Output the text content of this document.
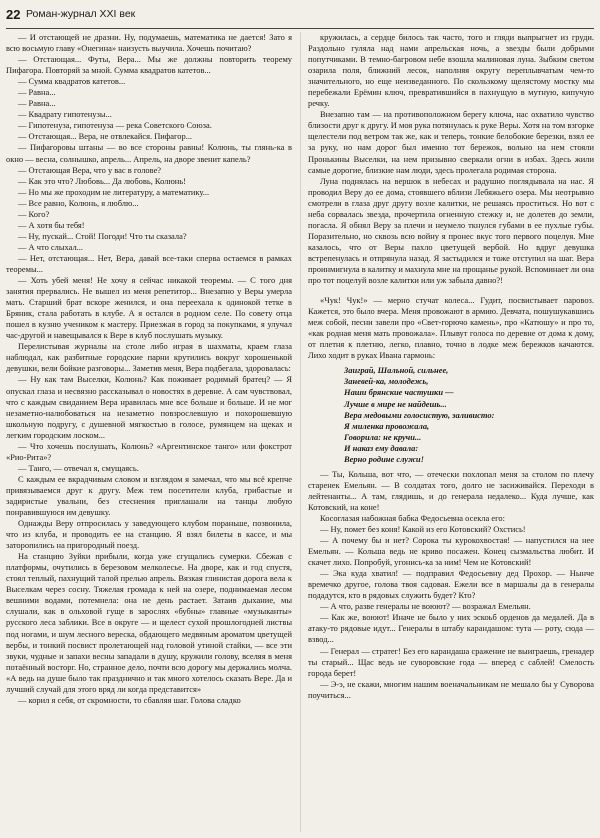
22 Роман-журнал XXI век

— И отстающей не дразни. Ну, подумаешь, математика не дается! Зато я всю восьмую главу «Онегина» наизусть выучила. Хочешь почитаю?

— Отстающая... Футы, Вера... Мы же должны повторить теорему Пифагора. Повторяй за мной. Сумма квадратов катетов...

— Сумма квадратов катетов...

— Равна...

— Равна...

— Квадрату гипотенузы...

— Гипотенуза, гипотенуза — река Советского Союза.

— Отстающая... Вера, не отвлекайся. Пифагор...

— Пифагоровы штаны — во все стороны равны! Колюнь, ты глянь-ка в окно — весна, солнышко, апрель... Апрель, на дворе звенит капель?

— Отстающая Вера, что у вас в голове?

— Как это что? Любовь... Да любовь, Колюнь!

— Но мы же проходим не литературу, а математику...

— Все равно, Колюнь, я люблю...

— Кого?

— А хотя бы тебя!

— Ну, пускай... Стой! Погоди! Что ты сказала?

— А что слыхал...

— Нет, отстающая... Нет, Вера, давай все-таки сперва остаемся в рамках теоремы...

— Хоть убей меня! Не хочу я сейчас никакой теоремы. — С того дня занятия прервались. Не вышел из меня репетитор... Внезапно у Веры умерла мать. Старший брат вскоре женился, и она переехала к одинокой тетке в Бряник, стала работать в клубе. А я остался в родном селе. По совету отца пошел в кузню учеником к мастеру. Приезжая в город за покупками, я улучал час-другой и навещывался к Вере в клуб послушать музыку.

Перелистывая журналы на столе либо играя в шахматы, краем глаза наблюдал, как разбитные городские парни крутились вокруг хорошенькой девушки, вели бойкие разговоры... Заметив меня, Вера подбегала, здоровалась:

— Ну как там Выселки, Колюнь? Как поживает родимый братец? — Я опускал глаза и несвязно рассказывал о новостях в деревне. А сам чувствовал, что с каждым свиданием Вера нравилась мне все больше и больше. И не мог незаметно-налюбоваться на незаметно повзрослевшую и похорошевшую школьную подругу, с душевной мягкостью в голосе, румянцем на щеках и легким городским лоском...

— Что хочешь послушать, Колюнь? «Аргентинское танго» или фокстрот «Рио-Рита»?

— Танго, — отвечал я, смущаясь.

С каждым ее вкрадчивым словом и взглядом я замечал, что мы всё крепче привязываемся друг к другу. Меж тем посетители клуба, грибастые и задиристые увальни, без стеснения приглашали на танцы любую понравившуюся им девушку.

Однажды Веру отпросилась у заведующего клубом пораньше, позвонила, что из клуба, и проводить ее на станцию. Я взял билеты в кассе, и мы заторопились на пригородный поезд.

На станцию Зуйки прибыли, когда уже сгущались сумерки. Сбежав с платформы, очутились в березовом мелколесье. На дворе, как и год спустя, стоял теплый, пахнущий талой прелью апрель. Вязкая глинистая дорога вела к Выселкам через сосну. Тяжелая громада к ней на озере, поднимаемая лесом вешними водами, потемнела: она не день растает. Затаив дыхание, мы слушали, как в ольховой гуще в зарослях «бубны» главные «музыканты» русского леса заблики. Все в округе — и щелест сухой прошлогодней листвы под ногами, и шум лесного вереска, обдающего медвяным ароматом цветущей вербы, и тонкий посвист пролетающей над головой утиной стайки, — все эти звуки, чудные и запахи весны западали в душу, кружили голову, вселяя в меня потаённый восторг. Но, странное дело, почти всю дорогу мы держались молча. «А ведь на душе было так празднично и так много хотелось сказать Вере. Да и лучший случай для этого вряд ли когда представится»

— корил я себя, от скромности, то сбавляя шаг. Голова сладко

кружилась, а сердце билось так часто, того и гляди выпрыгнет из груди. Раздольно гуляла над нами апрельская ночь, а звезды были добрыми попутчиками. В темно-багровом небе взошла малиновая луна. Зыбким светом озарила поля, ближний лесок, наполняя округу переплывчатым чем-то значительного, но еще неизведанного. По скользкому щелястому мостку мы перебежали Ерёмин ключ, превратившийся в пахнущую в мутную, кипучую речку.

Внезапно там — на противоположном берегу ключа, нас охватило чувство близости друг к другу. И моя рука потянулась к руке Веры. Хотя на том взгорке щелестели под ветром так же, как и теперь, тонкие белобокие березки, взял ее за руку, но нам дорог был именно тот бережок, вольно на нем стояли Пронькины Выселки, на нем призывно сверкали огни в избах. Здесь жили самые дорогие, близкие нам люди, здесь пролегала родимая сторона.

Луна поднялась на вершок в небесах и радушно поглядывала на нас. Я проводил Веру до ее дома, стоявшего вблизи Лебяжьего озера. Мы неотрывно смотрели в глаза друг другу возле калитки, не решаясь проститься. Но вот с неба сорвалась звезда, прочертила огненную стежку и, не долетев до земли, погасла. Я обнял Веру за плечи и неумело ткнулся губами в ее пухлые губы. Поразительно, но сквозь всю войну я пронес вкус того первого поцелуя. Мне казалось, что от Веры пахло цветущей вербой. Но вдруг девушка встрепенулась и отпрянула назад. Я застыдился и тоже отступил на шаг. Вера проинмигнула в калитку и махнула мне на прощанье рукой. Вспоминает ли она про тот поцелуй возле калитки или уж забыла давно?!

«Чук! Чук!» — мерно стучат колеса... Гудит, посвистывает паровоз. Кажется, это было вчера. Меня провожают в армию. Девчата, пошушукавшись меж собой, песни завели про «Свет-горючо камень», про «Катюшу» и про то, «как родная меня мать провожала». Плывут голоса по деревне от дома к дому, от плетня к плетню, легко, плавно, точно в лодке меж бережков качаются. Лихо ходит в руках Ивана гармонь:

Заиграй, Шальной, сильнее,
Заневей-ка, молодежь,
Наши брянские частушки —
Лучше в мире не найдешь...
Вера медовыми голосистую, заливисто:
Я миленка провожала,
Говорила: не кручи...
И наказ ему давала:
Верно родине служи!

— Ты, Кольша, вот что, — отечески похлопал меня за столом по плечу старенек Емельян. — В солдатах того, долго не засиживайся. Переходи в лейтенанты... А там, глядишь, и до генерала недалеко... Куда лучше, как Котовский, на коне!

Косоглазая набожная бабка Федосьевна осекла его:

— Ну, помет без коня! Какой из его Котовский? Охстись!

— А почему бы и нет? Сорока ты курокохвостая! — напустился на нее Емельян. — Кольша ведь не криво посажен. Конец сызмальства любит. И скачет лихо. Попробуй, угонись-ка за ним! Чем не Котовский!

— Эка куда хватил! — подправил Федосьевну дед Прохор. — Нынче времечко другое, голова твоя садовая. Ежели все в маршалы да в генералы подадутся, кто в рядовых служить будет? Кто?

— А что, разве генералы не воюют? — возражал Емельян.

— Как же, воюют! Иначе не было у них эскоьб орденов да медалей. Да в атаку-то рядовые идут... Генералы в штабу карандашом: тута — роту, сюда — взвод...

— Генерал — стратег! Без его карандаша сражение не выиграешь, гренадер ты старый... Щас ведь не суворовские года — вперед с саблей! Смелость города берет!

— Э-э, не скажи, многим нашим военачальникам не мешало бы у Суворова поучиться...
